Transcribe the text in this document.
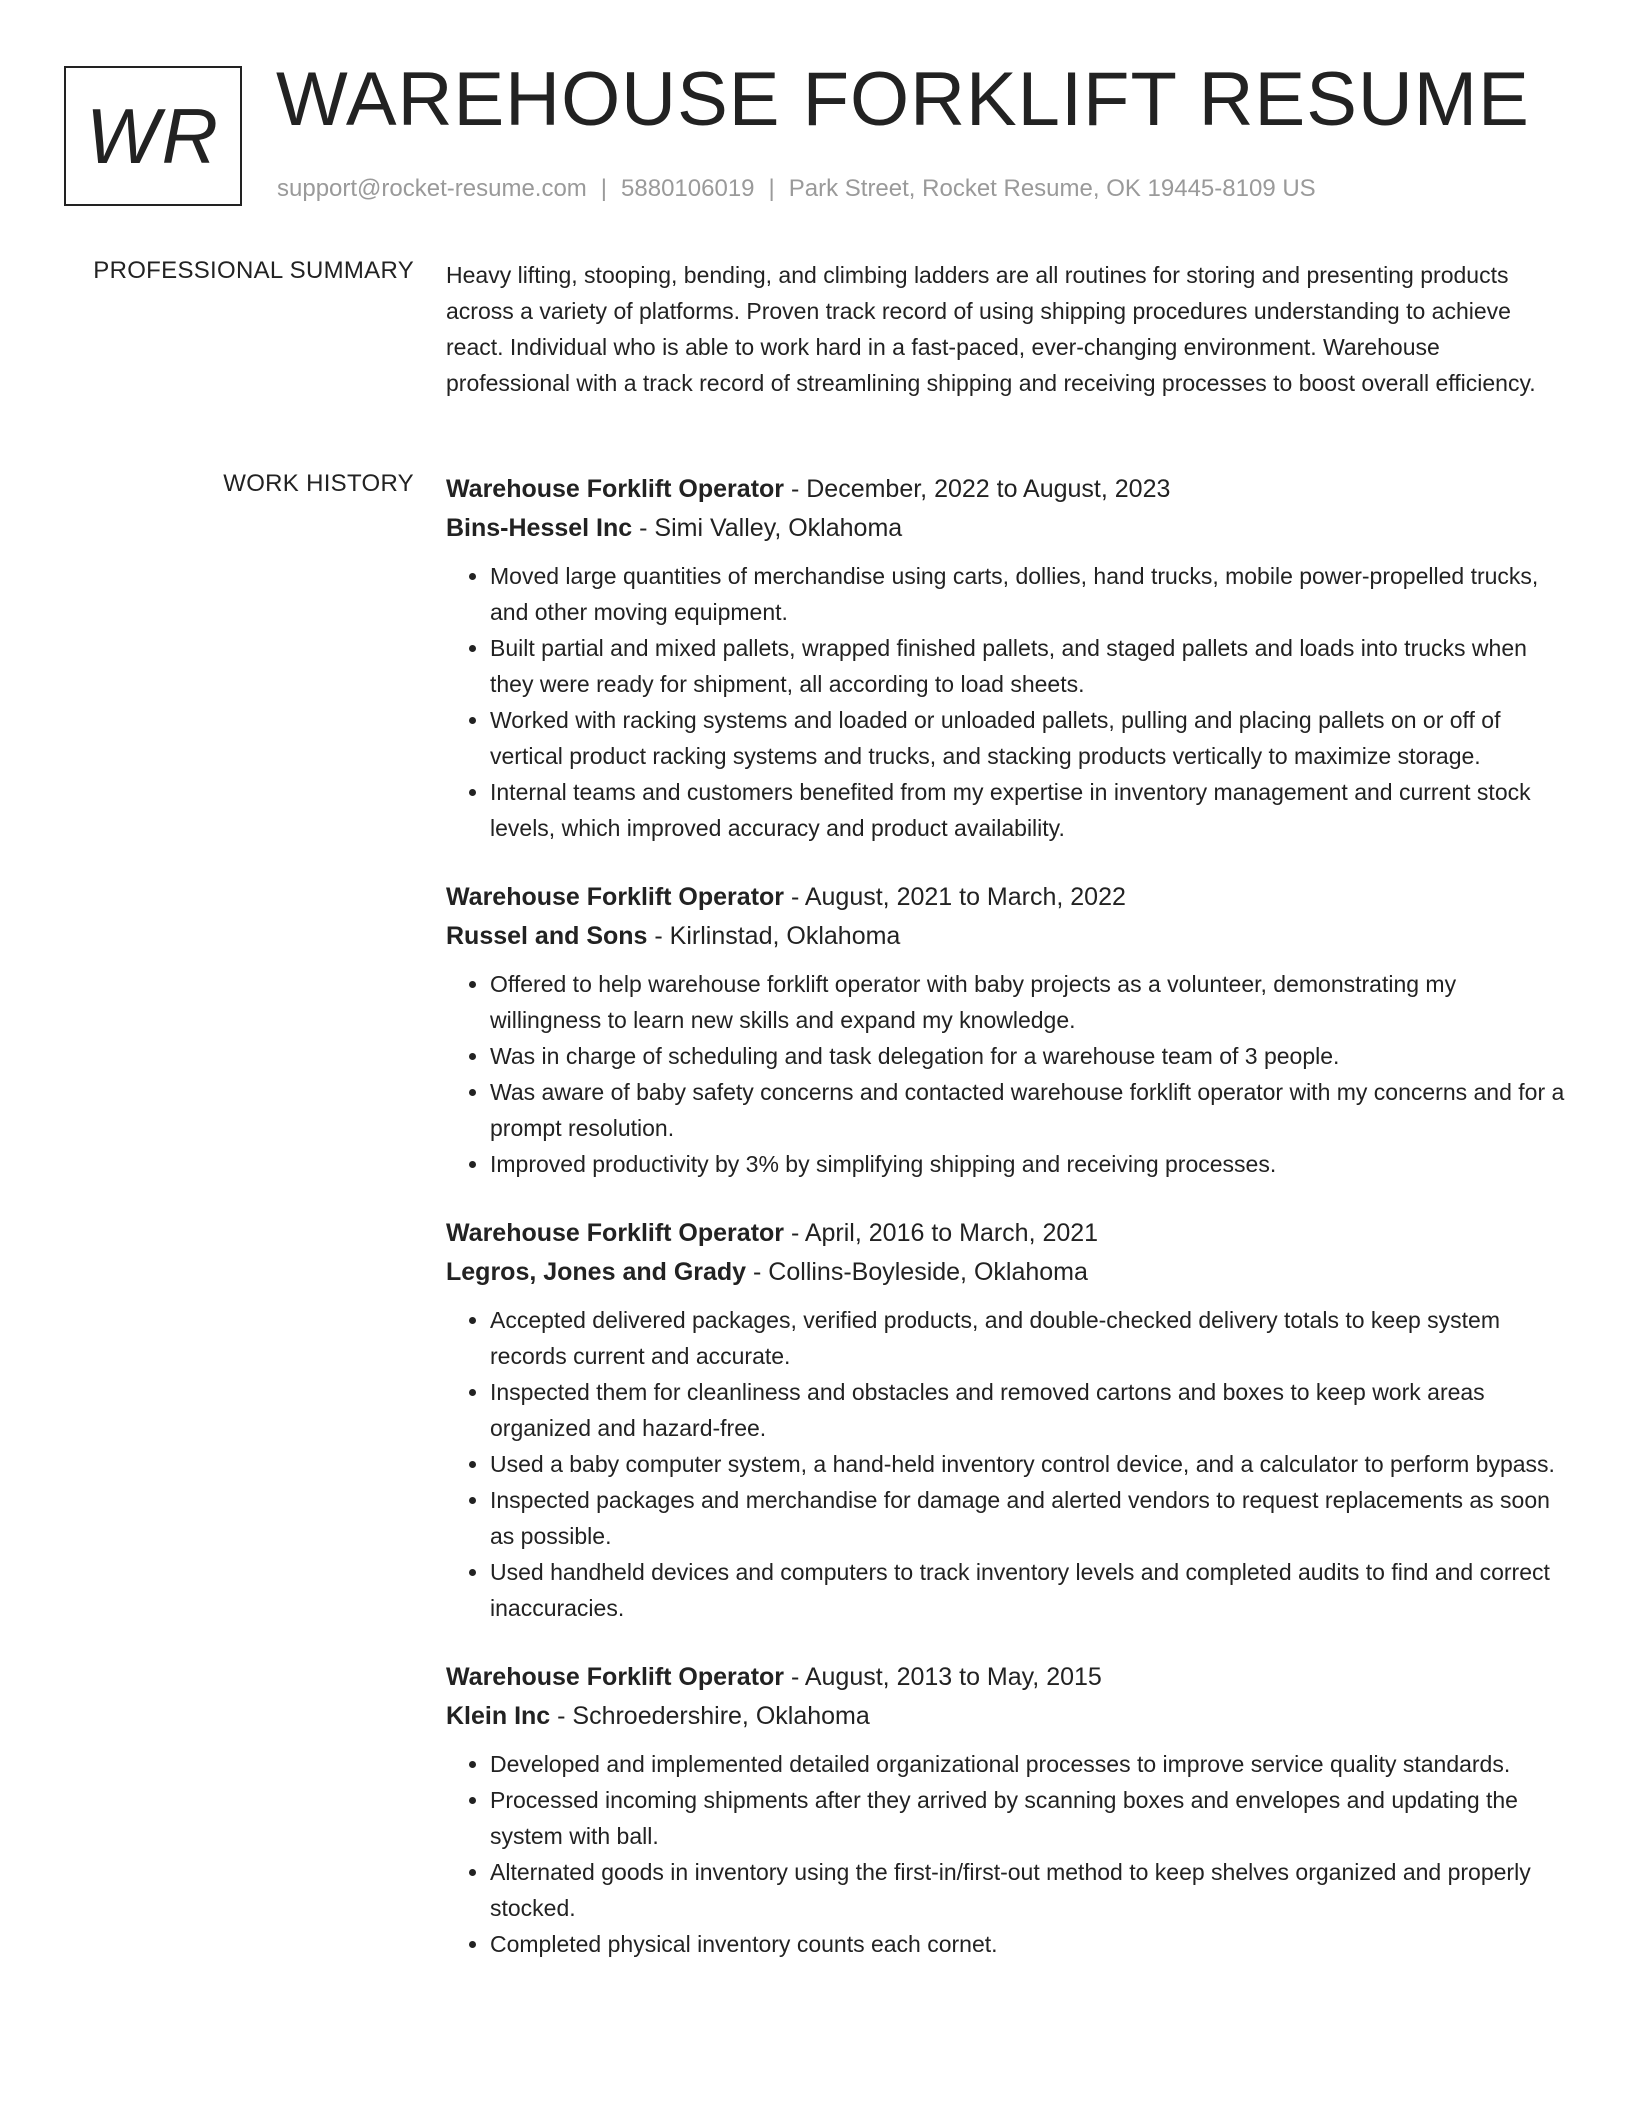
WR WAREHOUSE FORKLIFT RESUME
support@rocket-resume.com | 5880106019 | Park Street, Rocket Resume, OK 19445-8109 US
PROFESSIONAL SUMMARY Heavy lifting, stooping, bending, and climbing ladders are all routines for storing and presenting products across a variety of platforms. Proven track record of using shipping procedures understanding to achieve react. Individual who is able to work hard in a fast-paced, ever-changing environment. Warehouse professional with a track record of streamlining shipping and receiving processes to boost overall efficiency.

WORK HISTORY Warehouse Forklift Operator - December, 2022 to August, 2023
Bins-Hessel Inc - Simi Valley, Oklahoma
• Moved large quantities of merchandise using carts, dollies, hand trucks, mobile power-propelled trucks, and other moving equipment.
• Built partial and mixed pallets, wrapped finished pallets, and staged pallets and loads into trucks when they were ready for shipment, all according to load sheets.
• Worked with racking systems and loaded or unloaded pallets, pulling and placing pallets on or off of vertical product racking systems and trucks, and stacking products vertically to maximize storage.
• Internal teams and customers benefited from my expertise in inventory management and current stock levels, which improved accuracy and product availability.
Warehouse Forklift Operator - August, 2021 to March, 2022
Russel and Sons - Kirlinstad, Oklahoma
• Offered to help warehouse forklift operator with baby projects as a volunteer, demonstrating my willingness to learn new skills and expand my knowledge.
• Was in charge of scheduling and task delegation for a warehouse team of 3 people.
• Was aware of baby safety concerns and contacted warehouse forklift operator with my concerns and for a prompt resolution.
• Improved productivity by 3% by simplifying shipping and receiving processes.
Warehouse Forklift Operator - April, 2016 to March, 2021
Legros, Jones and Grady - Collins-Boyleside, Oklahoma
• Accepted delivered packages, verified products, and double-checked delivery totals to keep system records current and accurate.
• Inspected them for cleanliness and obstacles and removed cartons and boxes to keep work areas organized and hazard-free.
• Used a baby computer system, a hand-held inventory control device, and a calculator to perform bypass.
• Inspected packages and merchandise for damage and alerted vendors to request replacements as soon as possible.
• Used handheld devices and computers to track inventory levels and completed audits to find and correct inaccuracies.
Warehouse Forklift Operator - August, 2013 to May, 2015
Klein Inc - Schroedershire, Oklahoma
• Developed and implemented detailed organizational processes to improve service quality standards.
• Processed incoming shipments after they arrived by scanning boxes and envelopes and updating the system with ball.
• Alternated goods in inventory using the first-in/first-out method to keep shelves organized and properly stocked.
• Completed physical inventory counts each cornet.
